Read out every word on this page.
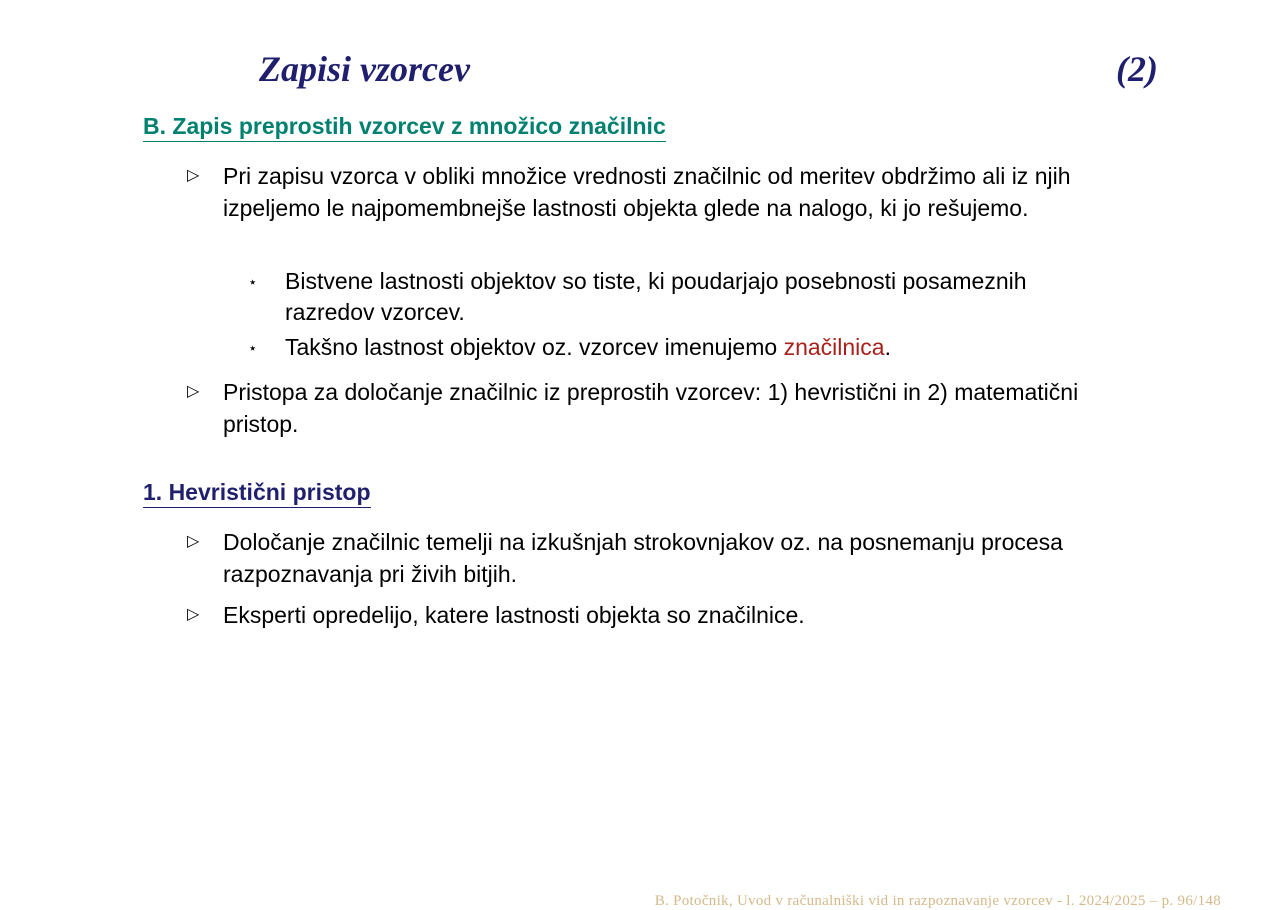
Zapisi vzorcev	(2)
B. Zapis preprostih vzorcev z množico značilnic
▷ Pri zapisu vzorca v obliki množice vrednosti značilnic od meritev obdržimo ali iz njih izpeljemo le najpomembnejše lastnosti objekta glede na nalogo, ki jo rešujemo.
⋆ Bistvene lastnosti objektov so tiste, ki poudarjajo posebnosti posameznih razredov vzorcev.
⋆ Takšno lastnost objektov oz. vzorcev imenujemo značilnica.
▷ Pristopa za določanje značilnic iz preprostih vzorcev: 1) hevristični in 2) matematični pristop.
1. Hevristični pristop
▷ Določanje značilnic temelji na izkušnjah strokovnjakov oz. na posnemanju procesa razpoznavanja pri živih bitjih.
▷ Eksperti opredelijo, katere lastnosti objekta so značilnice.
B. Potočnik, Uvod v računalniški vid in razpoznavanje vzorcev - l. 2024/2025 – p. 96/148
